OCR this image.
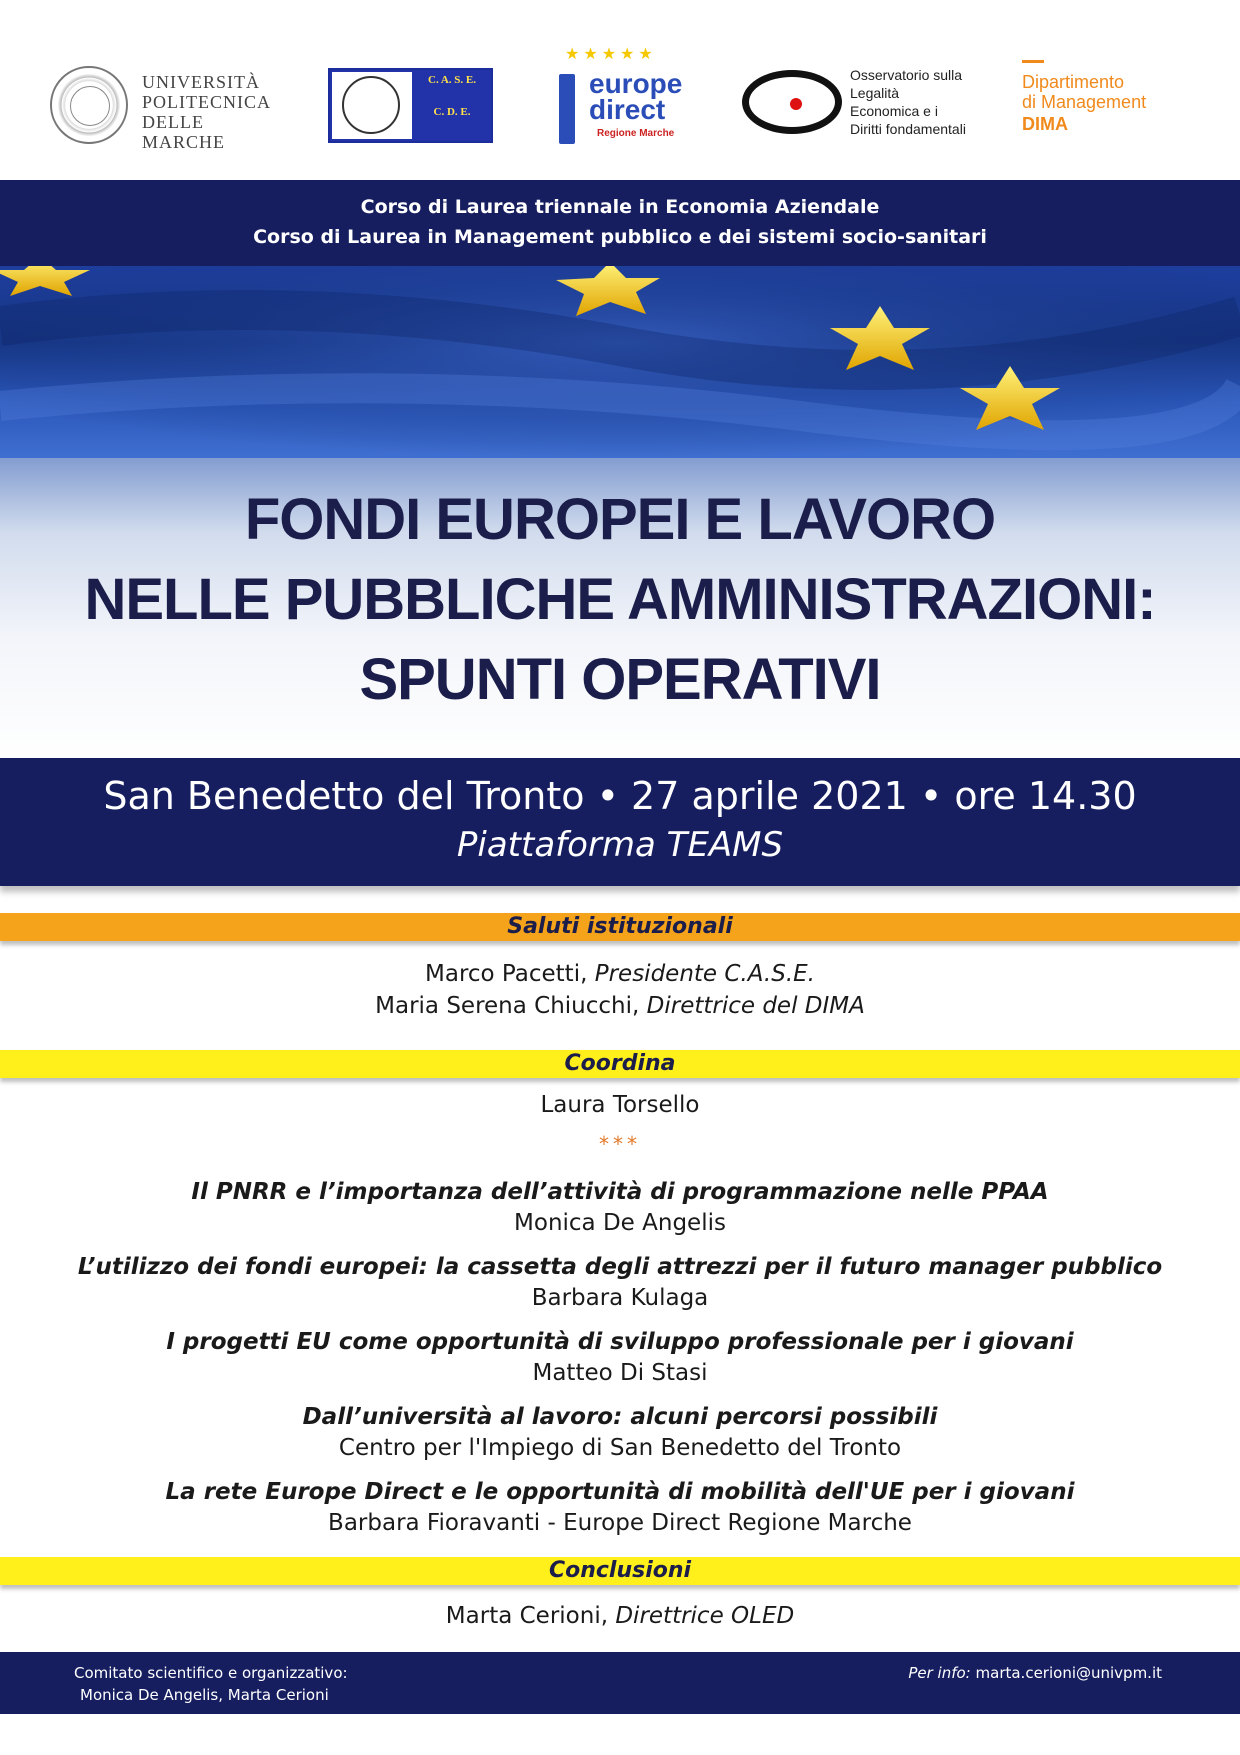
UNIVERSITÀ
POLITECNICA
DELLE MARCHE
C. A. S. E.
C. D. E.
★★★★★
europe
direct
Regione Marche
Osservatorio sulla
Legalità
Economica e i
Diritti fondamentali
Dipartimento
di Management
DIMA
Corso di Laurea triennale in Economia Aziendale
Corso di Laurea in Management pubblico e dei sistemi socio-sanitari
FONDI EUROPEI E LAVORO
NELLE PUBBLICHE AMMINISTRAZIONI:
SPUNTI OPERATIVI
San Benedetto del Tronto • 27 aprile 2021 • ore 14.30
Piattaforma TEAMS
Saluti istituzionali
Marco Pacetti, Presidente C.A.S.E.
Maria Serena Chiucchi, Direttrice del DIMA
Coordina
Laura Torsello
***
Il PNRR e l’importanza dell’attività di programmazione nelle PPAA
Monica De Angelis
L’utilizzo dei fondi europei: la cassetta degli attrezzi per il futuro manager pubblico
Barbara Kulaga
I progetti EU come opportunità di sviluppo professionale per i giovani
Matteo Di Stasi
Dall’università al lavoro: alcuni percorsi possibili
Centro per l'Impiego di San Benedetto del Tronto
La rete Europe Direct e le opportunità di mobilità dell'UE per i giovani
Barbara Fioravanti - Europe Direct Regione Marche
Conclusioni
Marta Cerioni, Direttrice OLED
Comitato scientifico e organizzativo:
Monica De Angelis, Marta Cerioni
Per info: marta.cerioni@univpm.it
